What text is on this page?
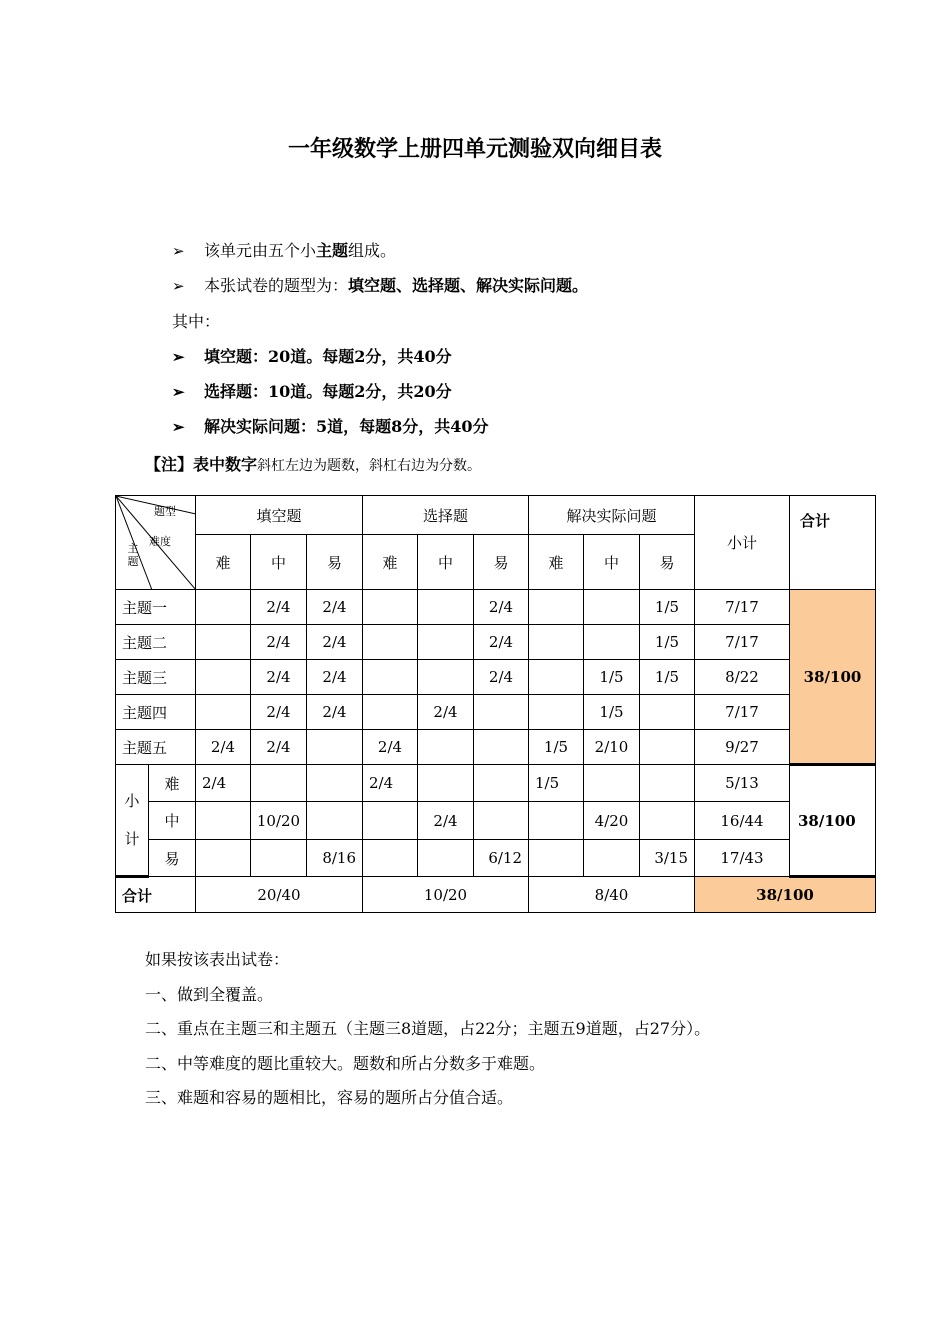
一年级数学上册四单元测验双向细目表
➢ 该单元由五个小主题组成。
➢ 本张试卷的题型为：填空题、选择题、解决实际问题。
其中：
➢ 填空题：20道。每题2分，共40分
➢ 选择题：10道。每题2分，共20分
➢ 解决实际问题：5道，每题8分，共40分
【注】表中数字斜杠左边为题数，斜杠右边为分数。
题型
难度
主题		填空题			选择题			解决实际问题			小计	合计
		难	中	易	难	中	易	难	中	易		
主题一			2/4	2/4			2/4			1/5	7/17	38/100
主题二			2/4	2/4			2/4			1/5	7/17	
主题三			2/4	2/4			2/4		1/5	1/5	8/22	
主题四			2/4	2/4		2/4			1/5		7/17	
主题五		2/4	2/4		2/4			1/5	2/10		9/27	
小
计	难	2/4			2/4			1/5			5/13	38/100
	中		10/20			2/4			4/20		16/44	
	易			8/16			6/12			3/15	17/43	
合计		20/40			10/20			8/40			38/100	
如果按该表出试卷：
一、做到全覆盖。
二、重点在主题三和主题五（主题三8道题，占22分；主题五9道题，占27分）。
二、中等难度的题比重较大。题数和所占分数多于难题。
三、难题和容易的题相比，容易的题所占分值合适。
